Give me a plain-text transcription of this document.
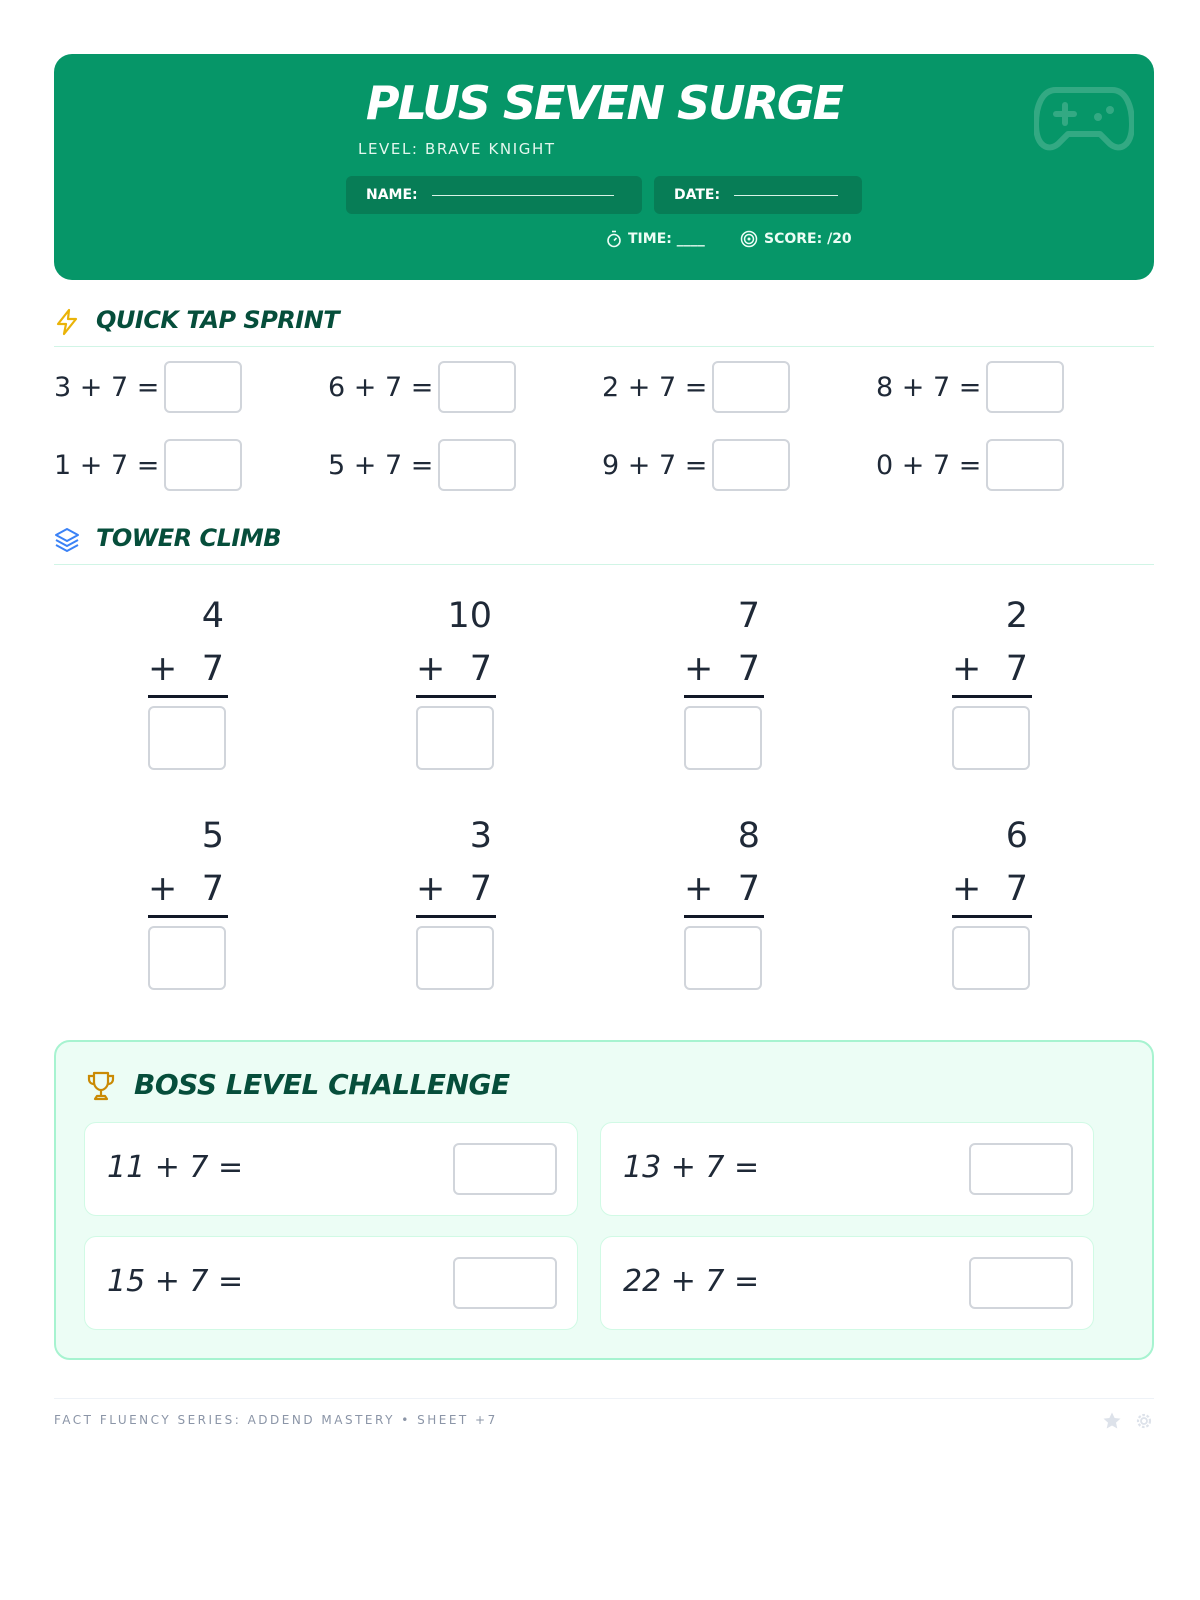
PLUS SEVEN SURGE
LEVEL: BRAVE KNIGHT
NAME:	DATE:
TIME: ____	SCORE: /20
QUICK TAP SPRINT
3 + 7 =	6 + 7 =	2 + 7 =	8 + 7 =
1 + 7 =	5 + 7 =	9 + 7 =	0 + 7 =
TOWER CLIMB
4
+ 7
10
+ 7
7
+ 7
2
+ 7
5
+ 7
3
+ 7
8
+ 7
6
+ 7
BOSS LEVEL CHALLENGE
11 + 7 =	13 + 7 =
15 + 7 =	22 + 7 =
FACT FLUENCY SERIES: ADDEND MASTERY • SHEET +7
